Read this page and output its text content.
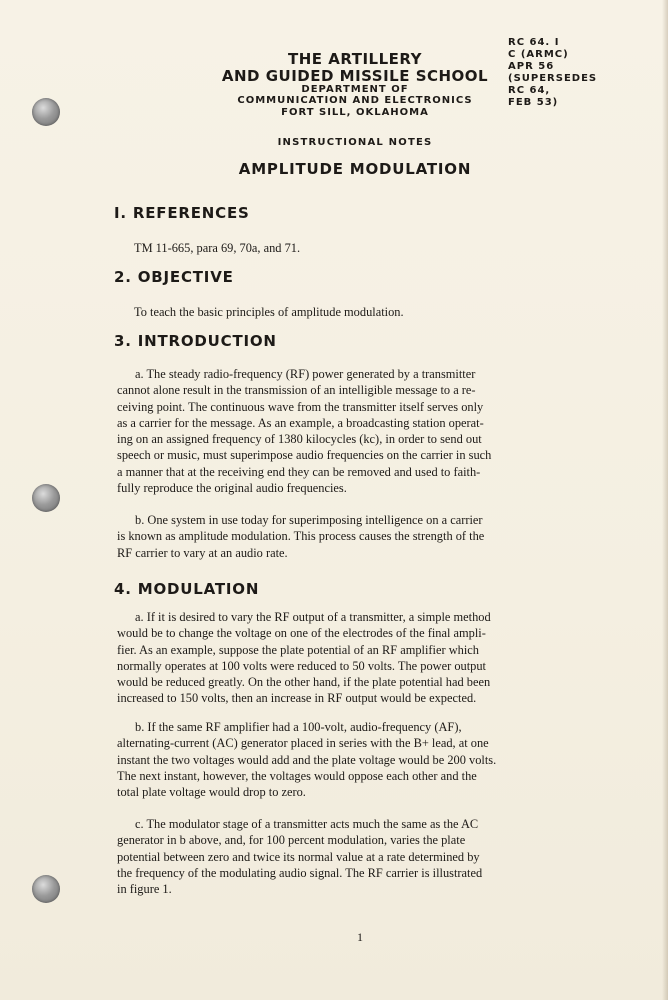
THE ARTILLERY
AND GUIDED MISSILE SCHOOL
DEPARTMENT OF
COMMUNICATION AND ELECTRONICS
FORT SILL, OKLAHOMA
RC 64. I
C (ARMC)
APR 56
(SUPERSEDES
RC 64,
FEB 53)
INSTRUCTIONAL NOTES
AMPLITUDE MODULATION
I. REFERENCES
TM 11-665, para 69, 70a, and 71.
2. OBJECTIVE
To teach the basic principles of amplitude modulation.
3. INTRODUCTION

a. The steady radio-frequency (RF) power generated by a transmitter

cannot alone result in the transmission of an intelligible message to a re-

ceiving point. The continuous wave from the transmitter itself serves only

as a carrier for the message. As an example, a broadcasting station operat-

ing on an assigned frequency of 1380 kilocycles (kc), in order to send out

speech or music, must superimpose audio frequencies on the carrier in such

a manner that at the receiving end they can be removed and used to faith-

fully reproduce the original audio frequencies.

b. One system in use today for superimposing intelligence on a carrier

is known as amplitude modulation. This process causes the strength of the

RF carrier to vary at an audio rate.

4. MODULATION

a. If it is desired to vary the RF output of a transmitter, a simple method

would be to change the voltage on one of the electrodes of the final ampli-

fier. As an example, suppose the plate potential of an RF amplifier which

normally operates at 100 volts were reduced to 50 volts. The power output

would be reduced greatly. On the other hand, if the plate potential had been

increased to 150 volts, then an increase in RF output would be expected.

b. If the same RF amplifier had a 100-volt, audio-frequency (AF),

alternating-current (AC) generator placed in series with the B+ lead, at one

instant the two voltages would add and the plate voltage would be 200 volts.

The next instant, however, the voltages would oppose each other and the

total plate voltage would drop to zero.

c. The modulator stage of a transmitter acts much the same as the AC

generator in b above, and, for 100 percent modulation, varies the plate

potential between zero and twice its normal value at a rate determined by

the frequency of the modulating audio signal. The RF carrier is illustrated

in figure 1.

1
